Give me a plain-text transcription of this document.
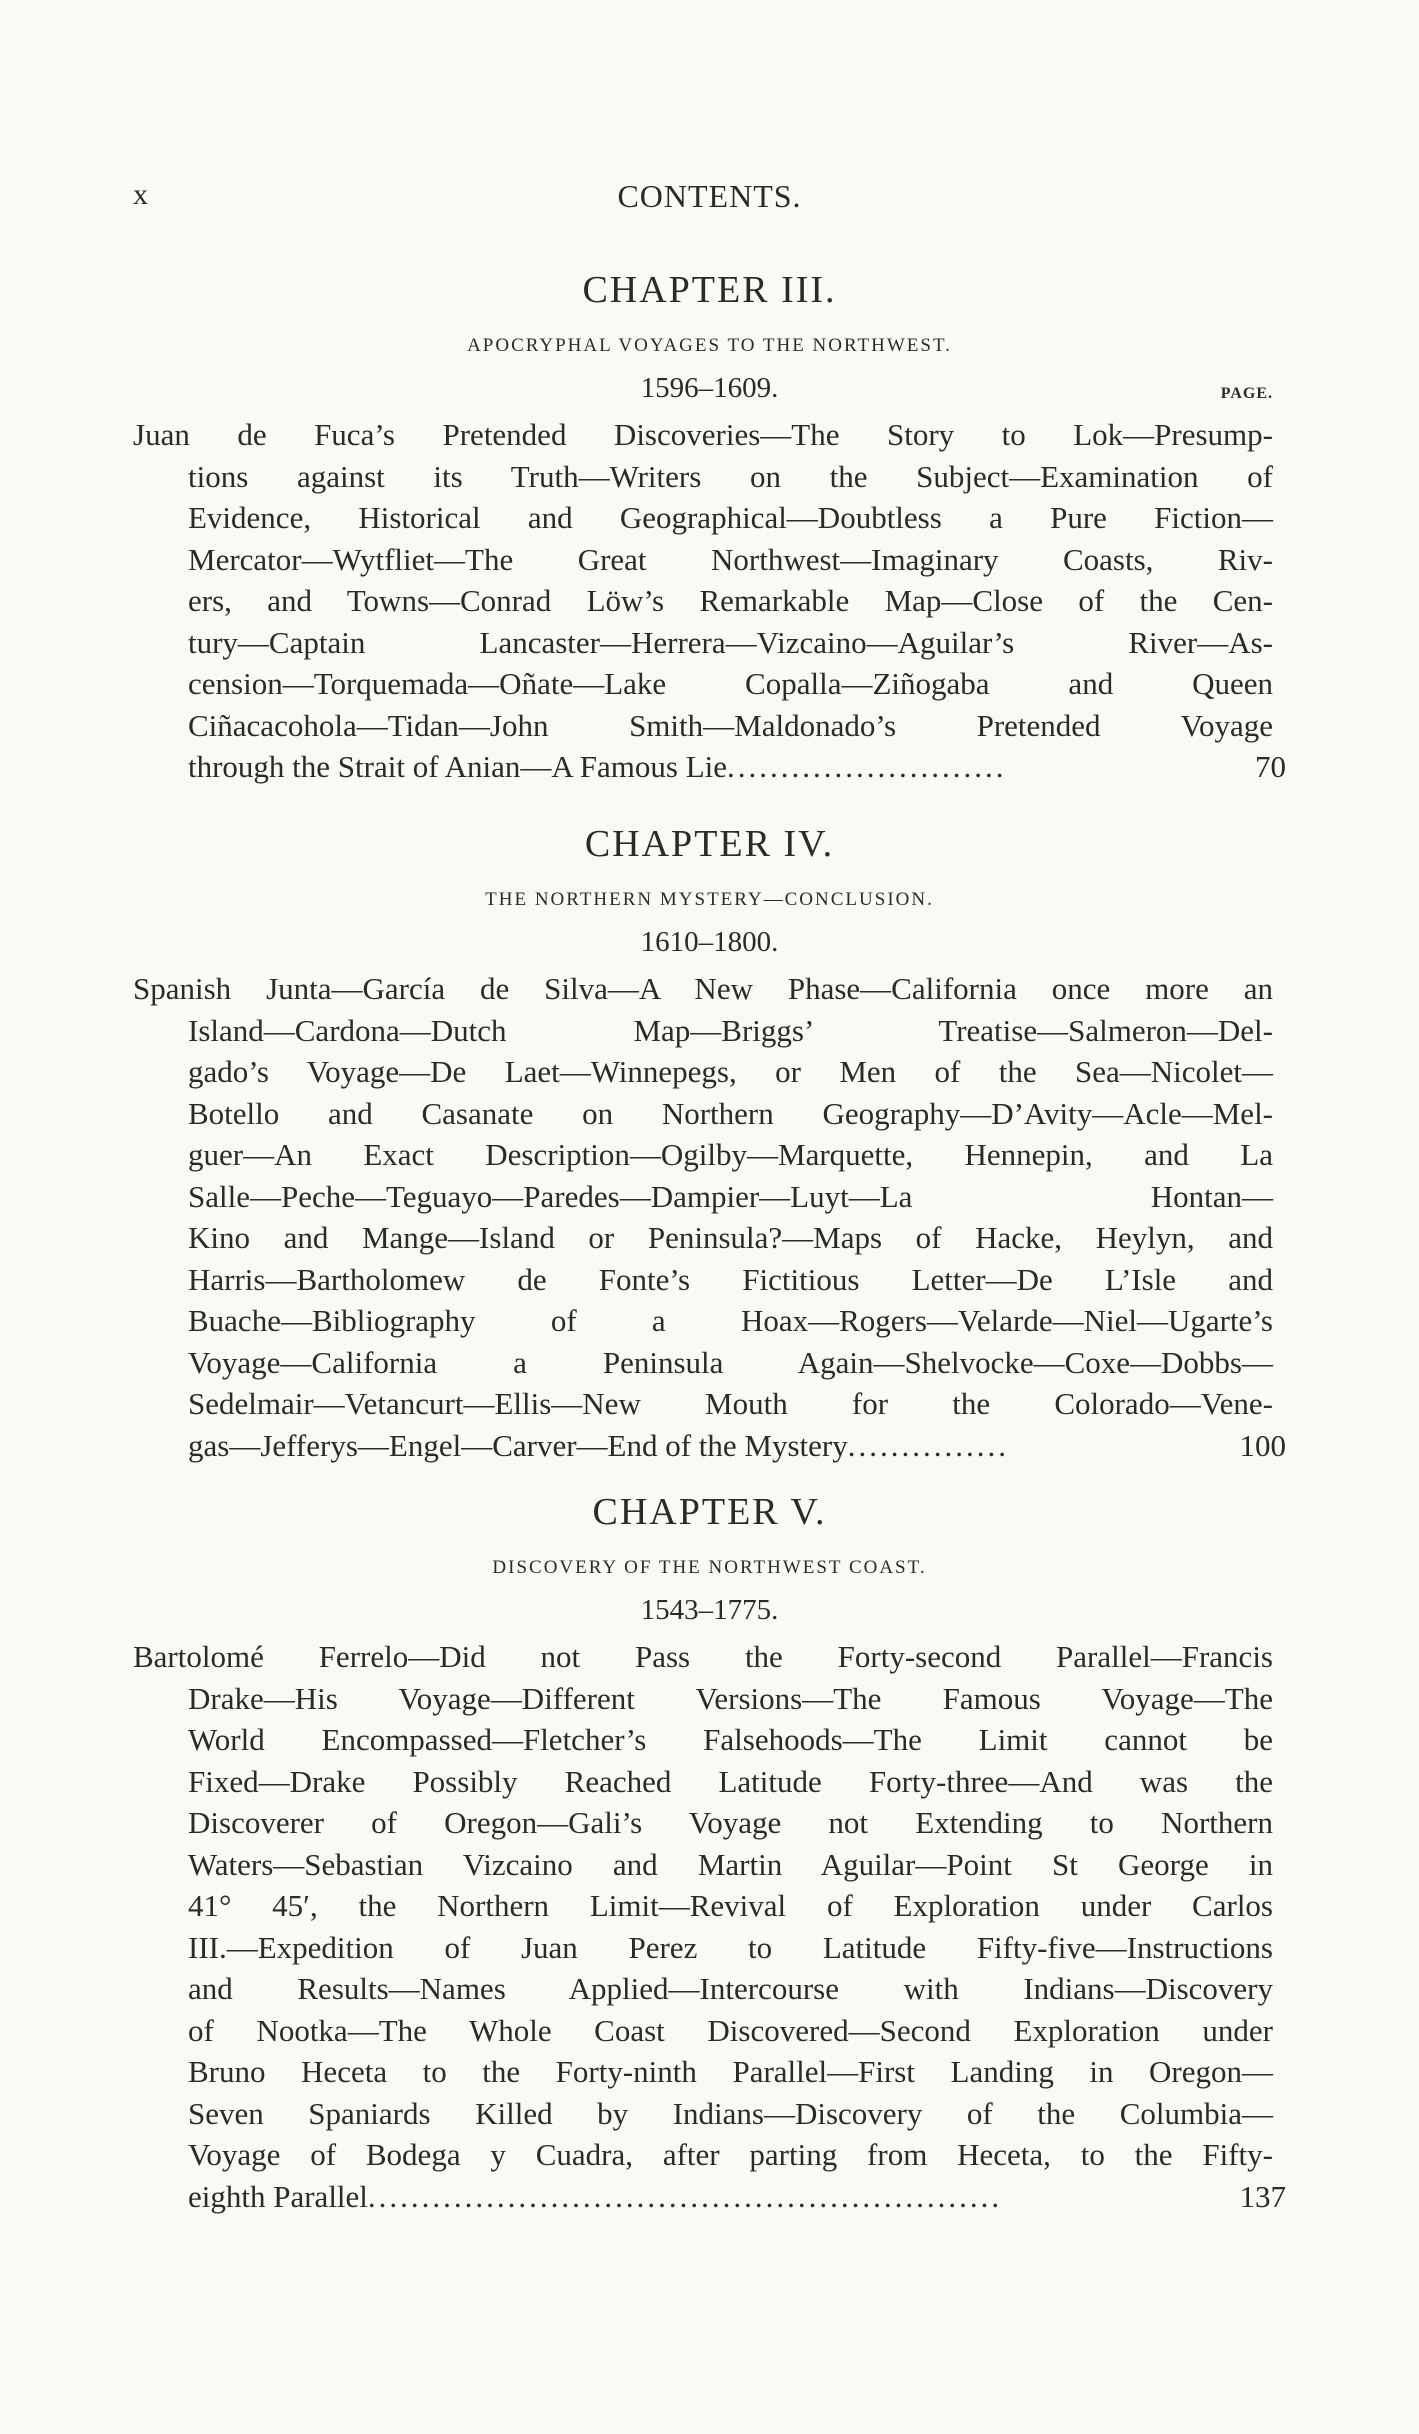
x	CONTENTS.
CHAPTER III.
APOCRYPHAL VOYAGES TO THE NORTHWEST.
1596–1609.	PAGE.
Juan de Fuca’s Pretended Discoveries—The Story to Lok—Presump-
tions against its Truth—Writers on the Subject—Examination of
Evidence, Historical and Geographical—Doubtless a Pure Fiction—
Mercator—Wytfliet—The Great Northwest—Imaginary Coasts, Riv-
ers, and Towns—Conrad Löw’s Remarkable Map—Close of the Cen-
tury—Captain Lancaster—Herrera—Vizcaino—Aguilar’s River—As-
cension—Torquemada—Oñate—Lake Copalla—Ziñogaba and Queen
Ciñacacohola—Tidan—John Smith—Maldonado’s Pretended Voyage
through the Strait of Anian—A Famous Lie..........................	70
CHAPTER IV.
THE NORTHERN MYSTERY—CONCLUSION.
1610–1800.
Spanish Junta—García de Silva—A New Phase—California once more an
Island—Cardona—Dutch Map—Briggs’ Treatise—Salmeron—Del-
gado’s Voyage—De Laet—Winnepegs, or Men of the Sea—Nicolet—
Botello and Casanate on Northern Geography—D’Avity—Acle—Mel-
guer—An Exact Description—Ogilby—Marquette, Hennepin, and La
Salle—Peche—Teguayo—Paredes—Dampier—Luyt—La Hontan—
Kino and Mange—Island or Peninsula?—Maps of Hacke, Heylyn, and
Harris—Bartholomew de Fonte’s Fictitious Letter—De L’Isle and
Buache—Bibliography of a Hoax—Rogers—Velarde—Niel—Ugarte’s
Voyage—California a Peninsula Again—Shelvocke—Coxe—Dobbs—
Sedelmair—Vetancurt—Ellis—New Mouth for the Colorado—Vene-
gas—Jefferys—Engel—Carver—End of the Mystery...............	100
CHAPTER V.
DISCOVERY OF THE NORTHWEST COAST.
1543–1775.
Bartolomé Ferrelo—Did not Pass the Forty-second Parallel—Francis
Drake—His Voyage—Different Versions—The Famous Voyage—The
World Encompassed—Fletcher’s Falsehoods—The Limit cannot be
Fixed—Drake Possibly Reached Latitude Forty-three—And was the
Discoverer of Oregon—Gali’s Voyage not Extending to Northern
Waters—Sebastian Vizcaino and Martin Aguilar—Point St George in
41° 45′, the Northern Limit—Revival of Exploration under Carlos
III.—Expedition of Juan Perez to Latitude Fifty-five—Instructions
and Results—Names Applied—Intercourse with Indians—Discovery
of Nootka—The Whole Coast Discovered—Second Exploration under
Bruno Heceta to the Forty-ninth Parallel—First Landing in Oregon—
Seven Spaniards Killed by Indians—Discovery of the Columbia—
Voyage of Bodega y Cuadra, after parting from Heceta, to the Fifty-
eighth Parallel...........................................................	137
